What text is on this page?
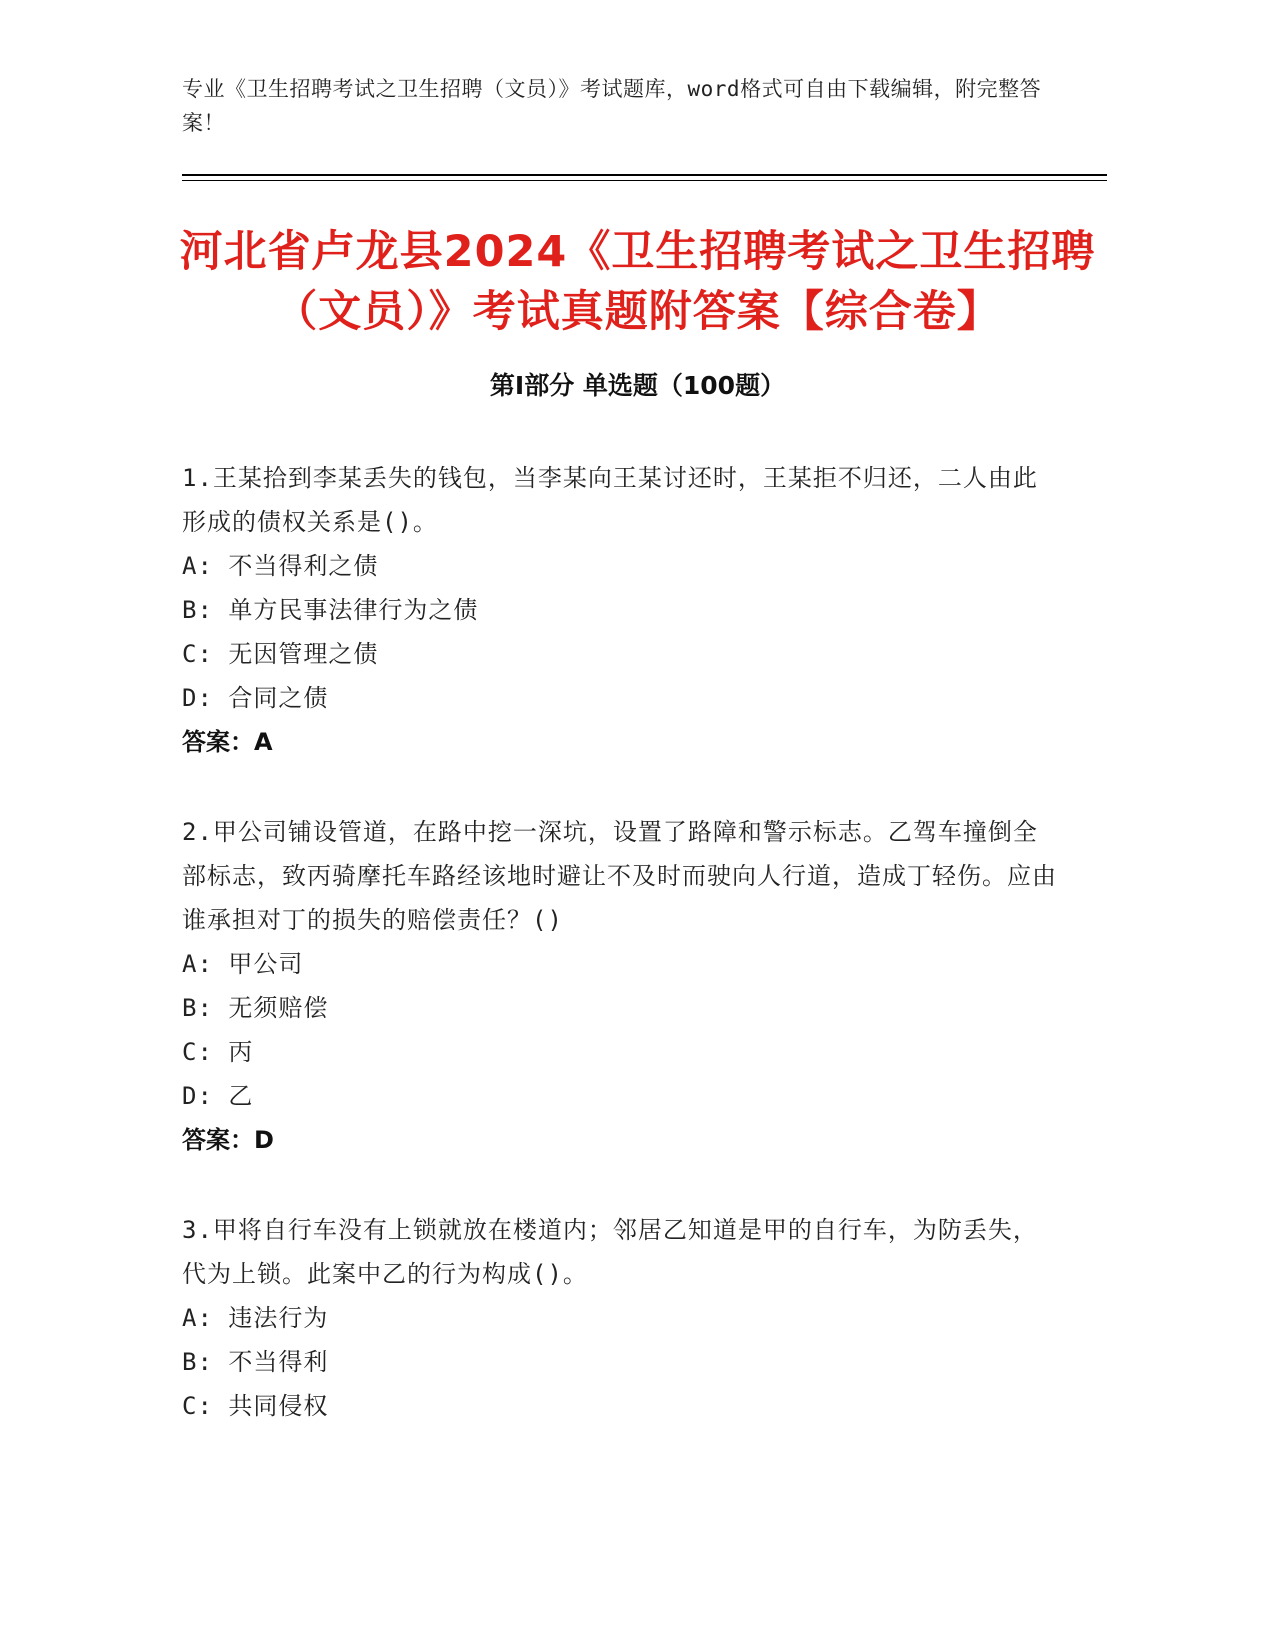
专业《卫生招聘考试之卫生招聘（文员）》考试题库，word格式可自由下载编辑，附完整答案！
河北省卢龙县2024《卫生招聘考试之卫生招聘（文员）》考试真题附答案【综合卷】
第Ⅰ部分 单选题（100题）
1.王某拾到李某丢失的钱包，当李某向王某讨还时，王某拒不归还，二人由此形成的债权关系是()。
A: 不当得利之债
B: 单方民事法律行为之债
C: 无因管理之债
D: 合同之债
答案：A
2.甲公司铺设管道，在路中挖一深坑，设置了路障和警示标志。乙驾车撞倒全部标志，致丙骑摩托车路经该地时避让不及时而驶向人行道，造成丁轻伤。应由谁承担对丁的损失的赔偿责任？()
A: 甲公司
B: 无须赔偿
C: 丙
D: 乙
答案：D
3.甲将自行车没有上锁就放在楼道内；邻居乙知道是甲的自行车，为防丢失，代为上锁。此案中乙的行为构成()。
A: 违法行为
B: 不当得利
C: 共同侵权
